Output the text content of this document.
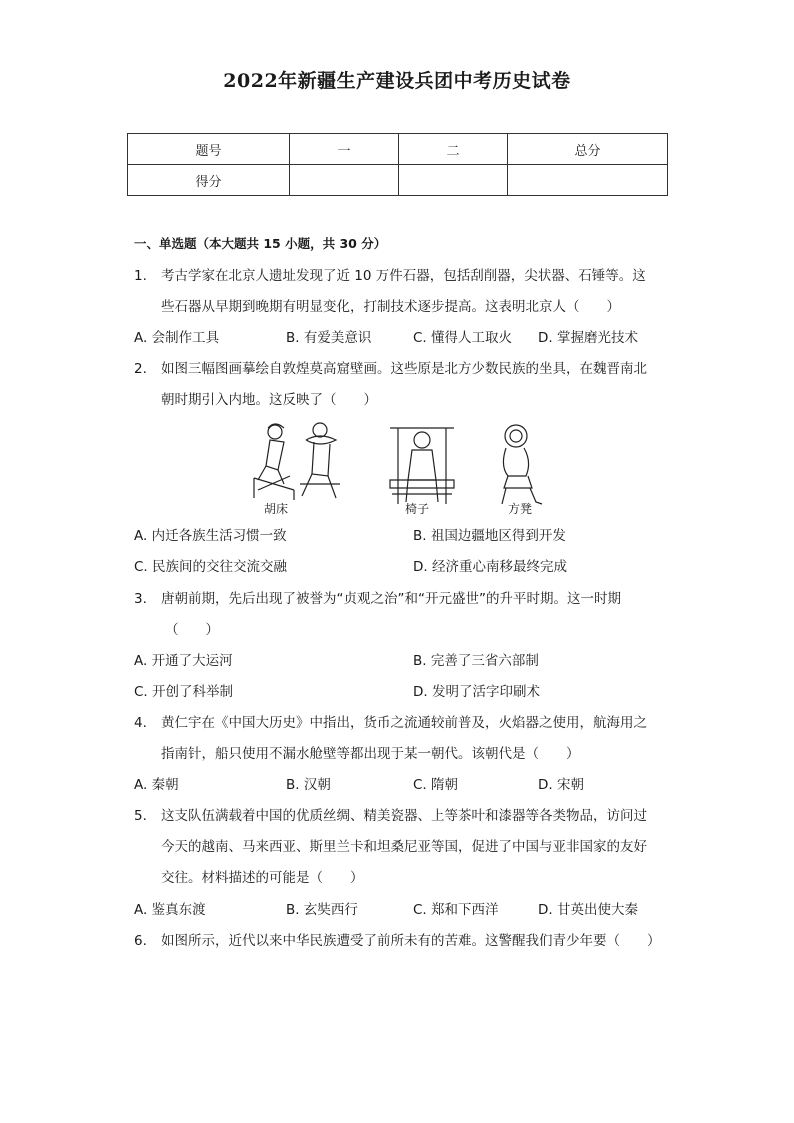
2022年新疆生产建设兵团中考历史试卷
题号	一	二	总分
得分			
一、单选题（本大题共 15 小题，共 30 分）
1.	考古学家在北京人遗址发现了近 10 万件石器，包括刮削器，尖状器、石锤等。这
些石器从早期到晚期有明显变化，打制技术逐步提高。这表明北京人（　　）
A. 会制作工具	B. 有爱美意识	C. 懂得人工取火 D. 掌握磨光技术
2.	如图三幅图画摹绘自敦煌莫高窟壁画。这些原是北方少数民族的坐具，在魏晋南北
朝时期引入内地。这反映了（　　）
胡床	椅子	方凳
A. 内迁各族生活习惯一致	B. 祖国边疆地区得到开发
C. 民族间的交往交流交融	D. 经济重心南移最终完成
3.	唐朝前期，先后出现了被誉为“贞观之治”和“开元盛世”的升平时期。这一时期
（　　）
A. 开通了大运河	B. 完善了三省六部制
C. 开创了科举制	D. 发明了活字印刷术
4.	黄仁宇在《中国大历史》中指出，货币之流通较前普及，火焰器之使用，航海用之
指南针，船只使用不漏水舱壁等都出现于某一朝代。该朝代是（　　）
A. 秦朝	B. 汉朝	C. 隋朝	D. 宋朝
5.	这支队伍满载着中国的优质丝绸、精美瓷器、上等茶叶和漆器等各类物品，访问过
今天的越南、马来西亚、斯里兰卡和坦桑尼亚等国，促进了中国与亚非国家的友好
交往。材料描述的可能是（　　）
A. 鉴真东渡	B. 玄奘西行	C. 郑和下西洋	D. 甘英出使大秦
6.	如图所示，近代以来中华民族遭受了前所未有的苦难。这警醒我们青少年要（　　）
